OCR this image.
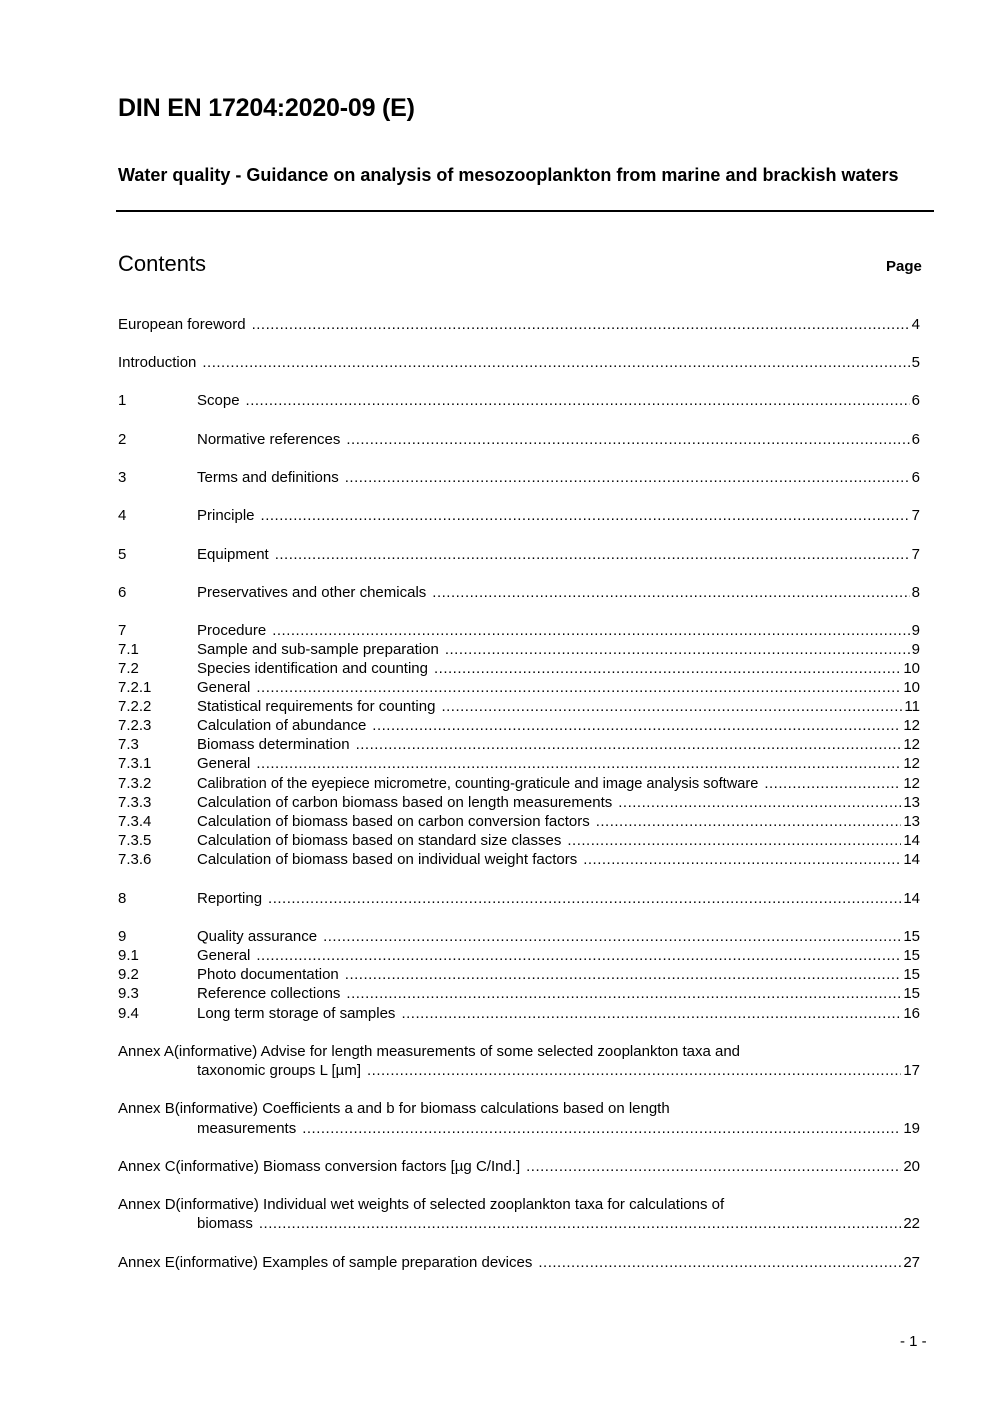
DIN EN 17204:2020-09 (E)
Water quality - Guidance on analysis of mesozooplankton from marine and brackish waters
Contents	Page
European foreword .....	4
Introduction .....	5
1	Scope .....	6
2	Normative references .....	6
3	Terms and definitions .....	6
4	Principle .....	7
5	Equipment .....	7
6	Preservatives and other chemicals .....	8
7	Procedure .....	9
7.1	Sample and sub-sample preparation .....	9
7.2	Species identification and counting .....	10
7.2.1	General .....	10
7.2.2	Statistical requirements for counting .....	11
7.2.3	Calculation of abundance .....	12
7.3	Biomass determination .....	12
7.3.1	General .....	12
7.3.2	Calibration of the eyepiece micrometre, counting-graticule and image analysis software .....	12
7.3.3	Calculation of carbon biomass based on length measurements .....	13
7.3.4	Calculation of biomass based on carbon conversion factors .....	13
7.3.5	Calculation of biomass based on standard size classes .....	14
7.3.6	Calculation of biomass based on individual weight factors .....	14
8	Reporting .....	14
9	Quality assurance .....	15
9.1	General .....	15
9.2	Photo documentation .....	15
9.3	Reference collections .....	15
9.4	Long term storage of samples .....	16
Annex A(informative) Advise for length measurements of some selected zooplankton taxa and
taxonomic groups L [µm] .....	17
Annex B(informative) Coefficients a and b for biomass calculations based on length
measurements .....	19
Annex C(informative) Biomass conversion factors [µg C/Ind.] .....	20
Annex D(informative) Individual wet weights of selected zooplankton taxa for calculations of
biomass .....	22
Annex E(informative) Examples of sample preparation devices .....	27
- 1 -
